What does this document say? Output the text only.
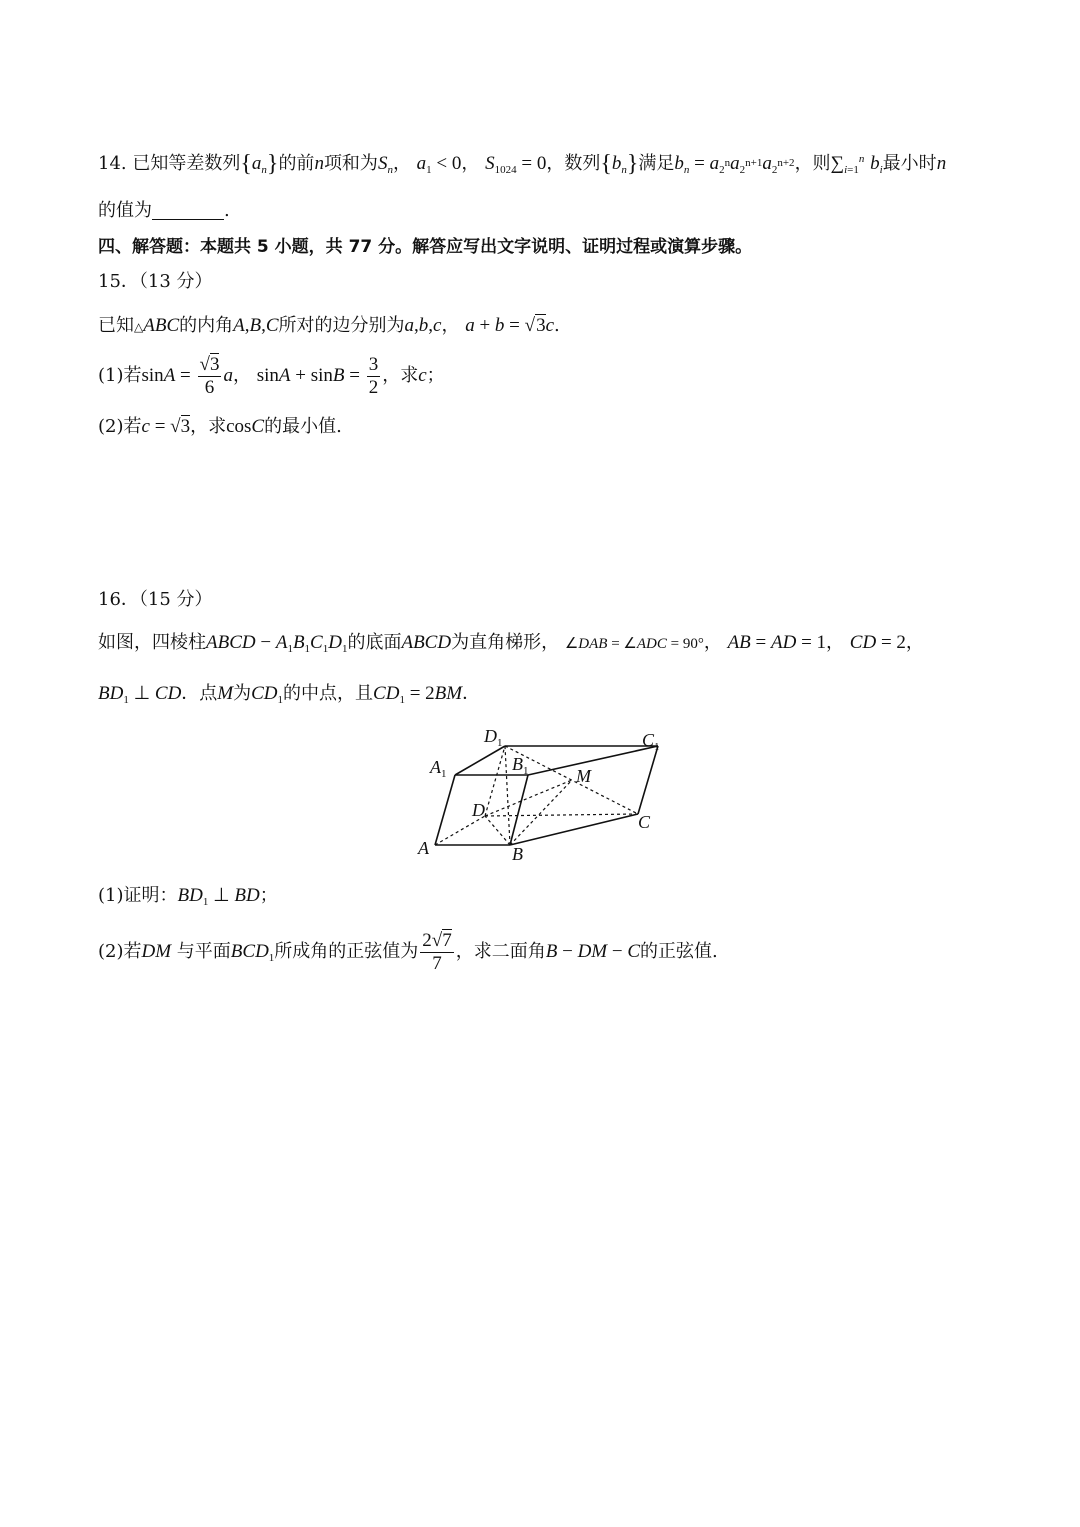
14. 已知等差数列$\{a_n\}$的前n项和为$S_n$， $a_1 < 0$， $S_{1024} = 0$，数列$\{b_n\}$满足$b_n = a_{2n}a_{2n+1}a_{2n+2}$，则$\sum_{i=1}^n$ $b_i$最小时n
的值为	.
四、解答题：本题共 5 小题，共 77 分。解答应写出文字说明、证明过程或演算步骤。
15．（13 分）
已知△ABC的内角A,B,C所对的边分别为a,b,c， a + b = √3c.
(1)若$\sin A = \frac{√3}{6}$ a， $\sin A + \sin B = \frac{3}{2}$ ，求c；
(2)若c = √3，求cosC的最小值.
16．（15 分）
如图，四棱柱ABCD − $A_1B_1C_1D_1$的底面ABCD为直角梯形， ∠DAB = ∠ADC = 90°， AB = AD = 1， CD = 2，
$BD_1$ ⊥ CD．点M为$CD_1$的中点，且$CD_1 = 2BM$．
$D_1$	$C_1$
$A_1$	$B_1$	M
D
C
A	B
(1)证明：$BD_1$ ⊥ BD；
(2)若DM 与平面$BCD_1$所成角的正弦值为 $\frac{2√7}{7}$ ，求二面角B − DM − C的正弦值.
